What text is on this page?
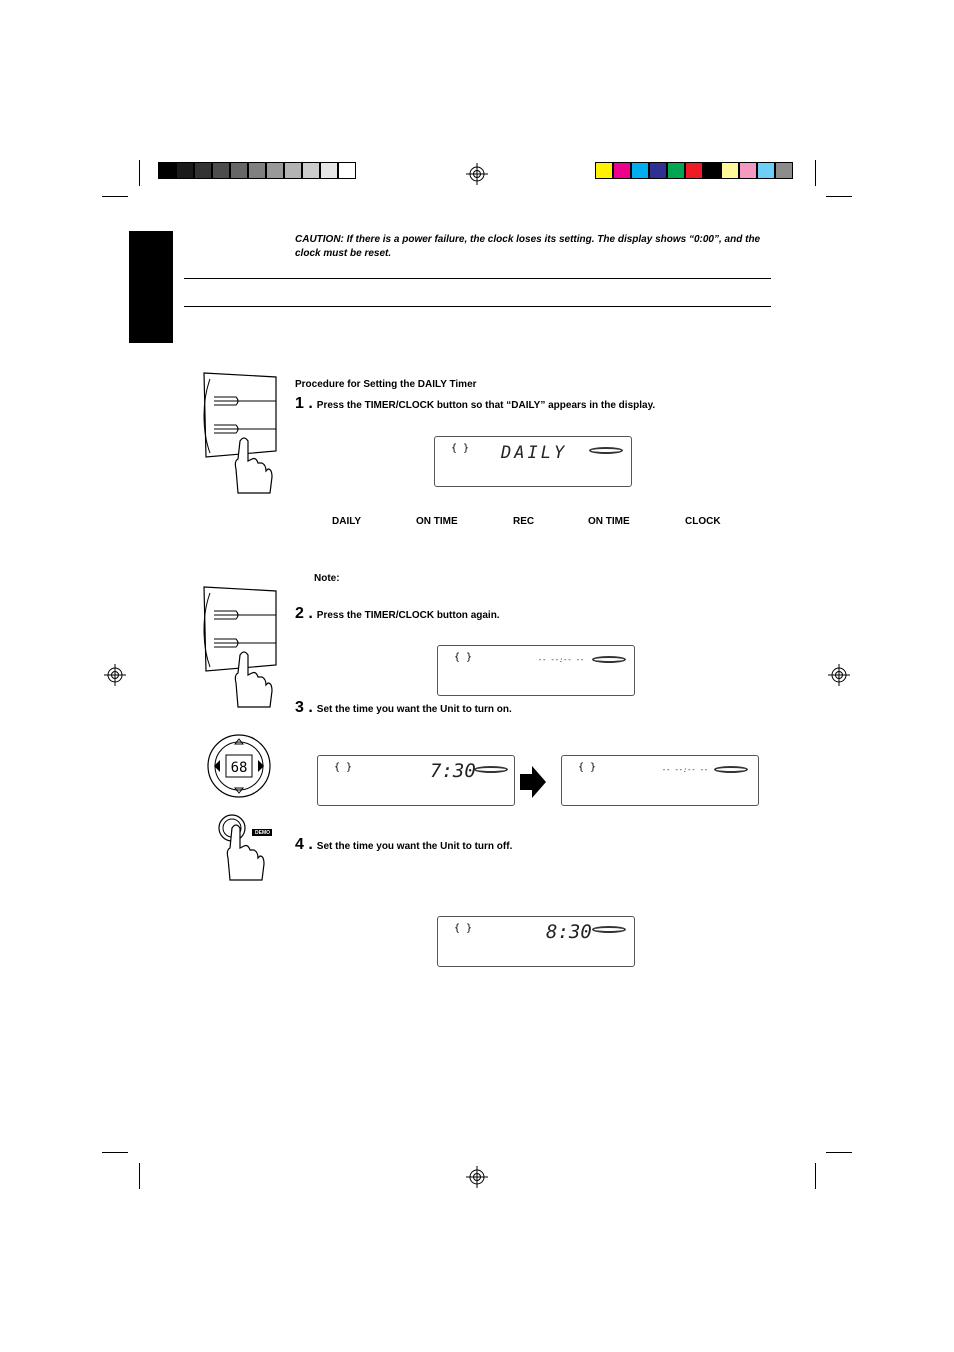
CAUTION: If there is a power failure, the clock loses its setting. The display shows “0:00”, and the clock must be reset.
Procedure for Setting the DAILY Timer
68
DEMO
1 . Press the TIMER/CLOCK button so that “DAILY” appears in the display.
{ } DAILY
DAILY	ON TIME	REC	ON TIME	CLOCK
Note:
2 . Press the TIMER/CLOCK button again.
{ }	-- --:-- --
3 . Set the time you want the Unit to turn on.
{ }	7:30	{ }	-- --:-- --
4 . Set the time you want the Unit to turn off.
{ }	8:30
